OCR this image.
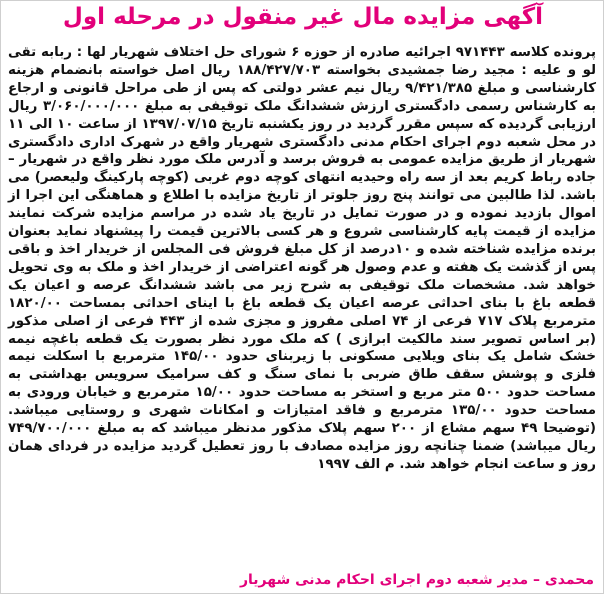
آگهی مزایده مال غیر منقول در مرحله اول
پرونده کلاسه ۹۷۱۴۴۳ اجرائیه صادره از حوزه ۶ شورای حل اختلاف شهریار لها : ربابه تقی لو و علیه : مجید رضا جمشیدی بخواسته ۱۸۸/۴۲۷/۷۰۳ ریال اصل خواسته بانضمام هزینه کارشناسی و مبلغ ۹/۴۲۱/۳۸۵ ریال نیم عشر دولتی که پس از طی مراحل قانونی و ارجاع به کارشناس رسمی دادگستری ارزش ششدانگ ملک توقیفی به مبلغ ۳/۰۶۰/۰۰۰/۰۰۰ ریال ارزیابی گردیده که سپس مقرر گردید در روز یکشنبه تاریخ ۱۳۹۷/۰۷/۱۵ از ساعت ۱۰ الی ۱۱ در محل شعبه دوم اجرای احکام مدنی دادگستری شهریار واقع در شهرک اداری دادگستری شهریار از طریق مزایده عمومی به فروش برسد و آدرس ملک مورد نظر واقع در شهریار – جاده رباط کریم بعد از سه راه وحیدیه انتهای کوچه دوم غربی (کوچه پارکینگ ولیعصر) می باشد. لذا طالبین می توانند پنج روز جلوتر از تاریخ مزایده با اطلاع و هماهنگی این اجرا از اموال بازدید نموده و در صورت تمایل در تاریخ یاد شده در مراسم مزایده شرکت نمایند مزایده از قیمت پایه کارشناسی شروع و هر کسی بالاترین قیمت را پیشنهاد نماید بعنوان برنده مزایده شناخته شده و ۱۰درصد از کل مبلغ فروش فی المجلس از خریدار اخذ و باقی پس از گذشت یک هفته و عدم وصول هر گونه اعتراضی از خریدار اخذ و ملک به وی تحویل خواهد شد. مشخصات ملک توقیفی به شرح زیر می باشد ششدانگ عرصه و اعیان یک قطعه باغ با بنای احداثی عرصه اعیان یک قطعه باغ با اینای احداثی بمساحت ۱۸۲۰/۰۰ مترمربع پلاک ۷۱۷ فرعی از ۷۴ اصلی مفروز و مجزی شده از ۴۴۳ فرعی از اصلی مذکور (بر اساس تصویر سند مالکیت ابرازی ) که ملک مورد نظر بصورت یک قطعه باغچه نیمه خشک شامل یک بنای ویلایی مسکونی با زیربنای حدود ۱۴۵/۰۰ مترمربع با اسکلت نیمه فلزی و پوشش سقف طاق ضربی با نمای سنگ و کف سرامیک سرویس بهداشتی به مساحت حدود ۵۰۰ متر مربع و استخر به مساحت حدود ۱۵/۰۰ مترمربع و خیابان ورودی به مساحت حدود ۱۳۵/۰۰ مترمربع و فاقد امتیازات و امکانات شهری و روستایی میباشد. (توضیحا ۴۹ سهم مشاع از ۲۰۰ سهم پلاک مذکور مدنظر میباشد که به مبلغ ۷۴۹/۷۰۰/۰۰۰ ریال میباشد) ضمنا چنانچه روز مزایده مصادف با روز تعطیل گردید مزایده در فردای همان روز و ساعت انجام خواهد شد. م الف ۱۹۹۷
محمدی – مدیر شعبه دوم اجرای احکام مدنی شهریار
